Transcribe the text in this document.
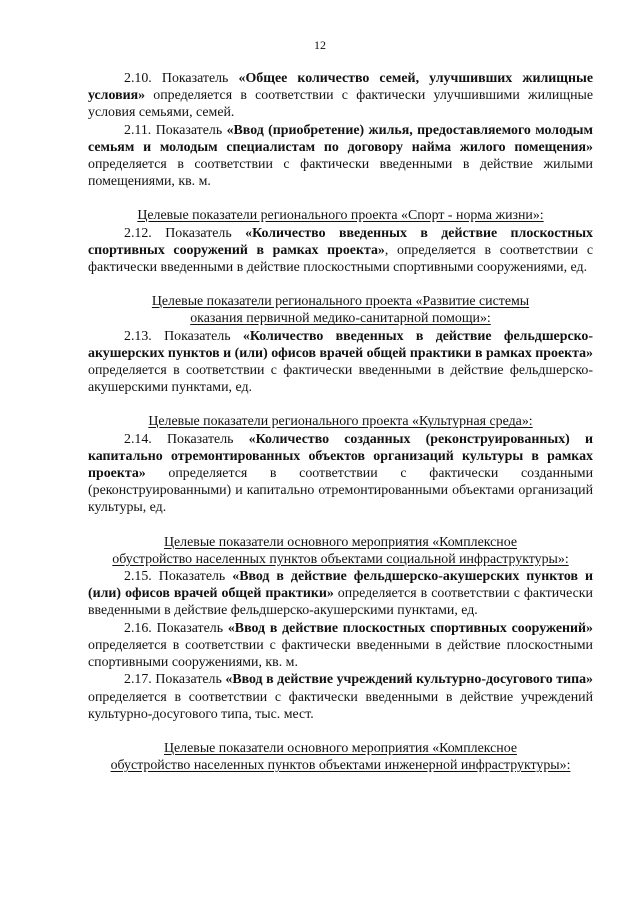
12

2.10. Показатель «Общее количество семей, улучшивших жилищные условия» определяется в соответствии с фактически улучшившими жилищные условия семьями, семей.

2.11. Показатель «Ввод (приобретение) жилья, предоставляемого молодым семьям и молодым специалистам по договору найма жилого помещения» определяется в соответствии с фактически введенными в действие жилыми помещениями, кв. м.

Целевые показатели регионального проекта «Спорт - норма жизни»:

2.12. Показатель «Количество введенных в действие плоскостных спортивных сооружений в рамках проекта», определяется в соответствии с фактически введенными в действие плоскостными спортивными сооружениями, ед.

Целевые показатели регионального проекта «Развитие системы
оказания первичной медико-санитарной помощи»:

2.13. Показатель «Количество введенных в действие фельдшерско-акушерских пунктов и (или) офисов врачей общей практики в рамках проекта» определяется в соответствии с фактически введенными в действие фельдшерско-акушерскими пунктами, ед.

Целевые показатели регионального проекта «Культурная среда»:

2.14. Показатель «Количество созданных (реконструированных) и капитально отремонтированных объектов организаций культуры в рамках проекта» определяется в соответствии с фактически созданными (реконструированными) и капитально отремонтированными объектами организаций культуры, ед.

Целевые показатели основного мероприятия «Комплексное
обустройство населенных пунктов объектами социальной инфраструктуры»:

2.15. Показатель «Ввод в действие фельдшерско-акушерских пунктов и (или) офисов врачей общей практики» определяется в соответствии с фактически введенными в действие фельдшерско-акушерскими пунктами, ед.

2.16. Показатель «Ввод в действие плоскостных спортивных сооружений» определяется в соответствии с фактически введенными в действие плоскостными спортивными сооружениями, кв. м.

2.17. Показатель «Ввод в действие учреждений культурно-досугового типа» определяется в соответствии с фактически введенными в действие учреждений культурно-досугового типа, тыс. мест.

Целевые показатели основного мероприятия «Комплексное
обустройство населенных пунктов объектами инженерной инфраструктуры»:
